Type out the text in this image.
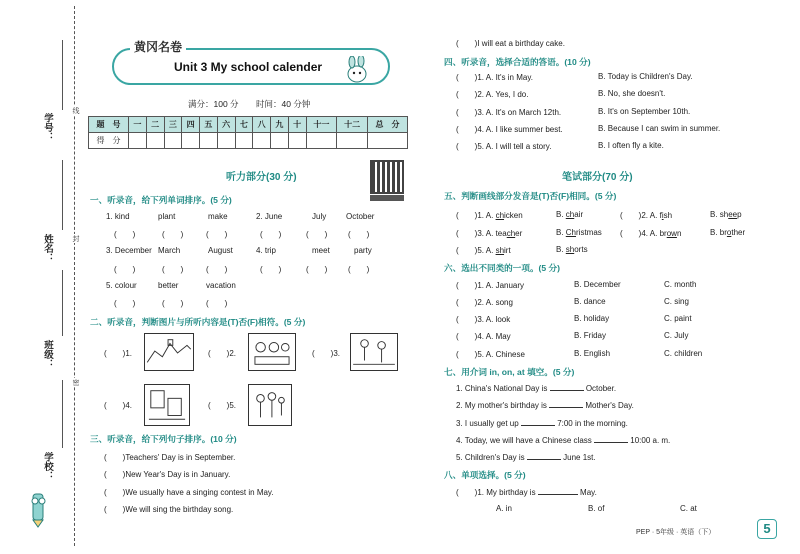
学号：
姓名：
班级：
学校：
线
封
密
黄冈名卷
Unit 3 My school calender
满分：100 分 时间：40 分钟
题　号	一	二	三	四	五	六	七	八	九	十	十一	十二	总　分
得　分													
听力部分(30 分)
一、听录音，给下列单词排序。(5 分)
1. kind	plant	make	2. June	July October
(　　)	(　　)	(　　)	(　　)	(　　)	(　　)
3. December March	August	4. trip	meet	party
(　　)	(　　)	(　　)	(　　)	(　　)	(　　)
5. colour	better	vacation
(　　)	(　　)	(　　)
二、听录音，判断图片与所听内容是(T)否(F)相符。(5 分)
(　　)1.	(　　)2.	(　　)3.
(　　)4.	(　　)5.
三、听录音，给下列句子排序。(10 分)
(　　)Teachers' Day is in September.
(　　)New Year's Day is in January.
(　　)We usually have a singing contest in May.
(　　)We will sing the birthday song.
(　　)I will eat a birthday cake.
四、听录音，选择合适的答语。(10 分)
(　　)1. A. It's in May.	B. Today is Children's Day.
(　　)2. A. Yes, I do.	B. No, she doesn't.
(　　)3. A. It's on March 12th.	B. It's on September 10th.
(　　)4. A. I like summer best.	B. Because I can swim in summer.
(　　)5. A. I will tell a story.	B. I often fly a kite.
笔试部分(70 分)
五、判断画线部分发音是(T)否(F)相同。(5 分)
(　　)1. A. chicken	B. chair	(　　)2. A. fish	B. sheep
(　　)3. A. teacher	B. Christmas (　　)4. A. brown	B. brother
(　　)5. A. shirt	B. shorts
六、选出不同类的一项。(5 分)
(　　)1. A. January	B. December	C. month
(　　)2. A. song	B. dance	C. sing
(　　)3. A. look	B. holiday	C. paint
(　　)4. A. May	B. Friday	C. July
(　　)5. A. Chinese	B. English	C. children
七、用介词 in, on, at 填空。(5 分)
1. China's National Day is	October.
2. My mother's birthday is	Mother's Day.
3. I usually get up	7:00 in the morning.
4. Today, we will have a Chinese class	10:00 a. m.
5. Children's Day is	June 1st.
八、单项选择。(5 分)
(　　)1. My birthday is	May.
A. in	B. of	C. at
PEP · 5年级 · 英语（下）	5
